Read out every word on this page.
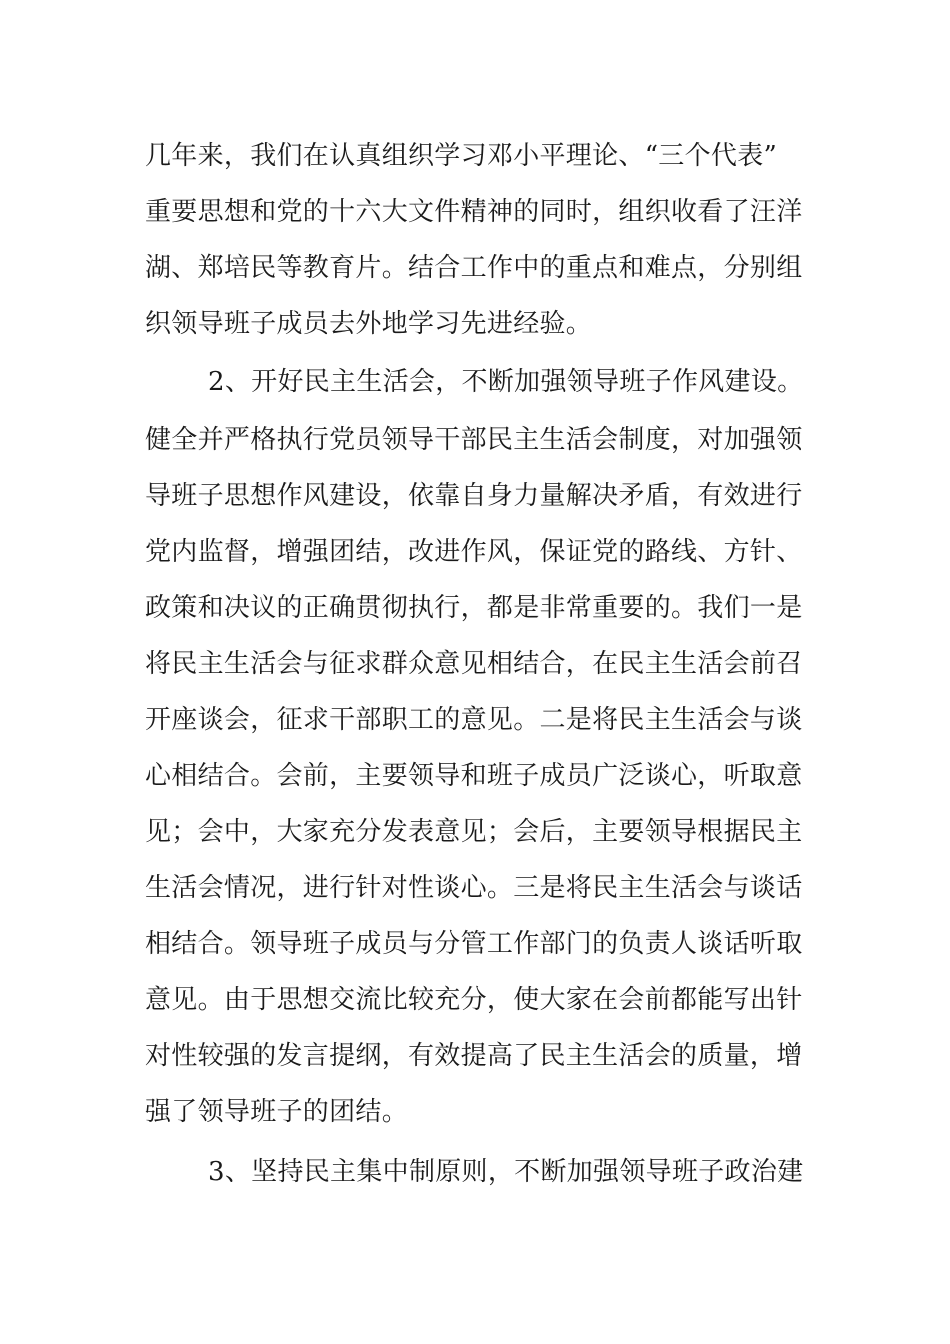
几年来，我们在认真组织学习邓小平理论、“三个代表”
重要思想和党的十六大文件精神的同时，组织收看了汪洋
湖、郑培民等教育片。结合工作中的重点和难点，分别组
织领导班子成员去外地学习先进经验。
2、开好民主生活会，不断加强领导班子作风建设。
健全并严格执行党员领导干部民主生活会制度，对加强领
导班子思想作风建设，依靠自身力量解决矛盾，有效进行
党内监督，增强团结，改进作风，保证党的路线、方针、
政策和决议的正确贯彻执行，都是非常重要的。我们一是
将民主生活会与征求群众意见相结合，在民主生活会前召
开座谈会，征求干部职工的意见。二是将民主生活会与谈
心相结合。会前，主要领导和班子成员广泛谈心，听取意
见；会中，大家充分发表意见；会后，主要领导根据民主
生活会情况，进行针对性谈心。三是将民主生活会与谈话
相结合。领导班子成员与分管工作部门的负责人谈话听取
意见。由于思想交流比较充分，使大家在会前都能写出针
对性较强的发言提纲，有效提高了民主生活会的质量，增
强了领导班子的团结。
3、坚持民主集中制原则，不断加强领导班子政治建
